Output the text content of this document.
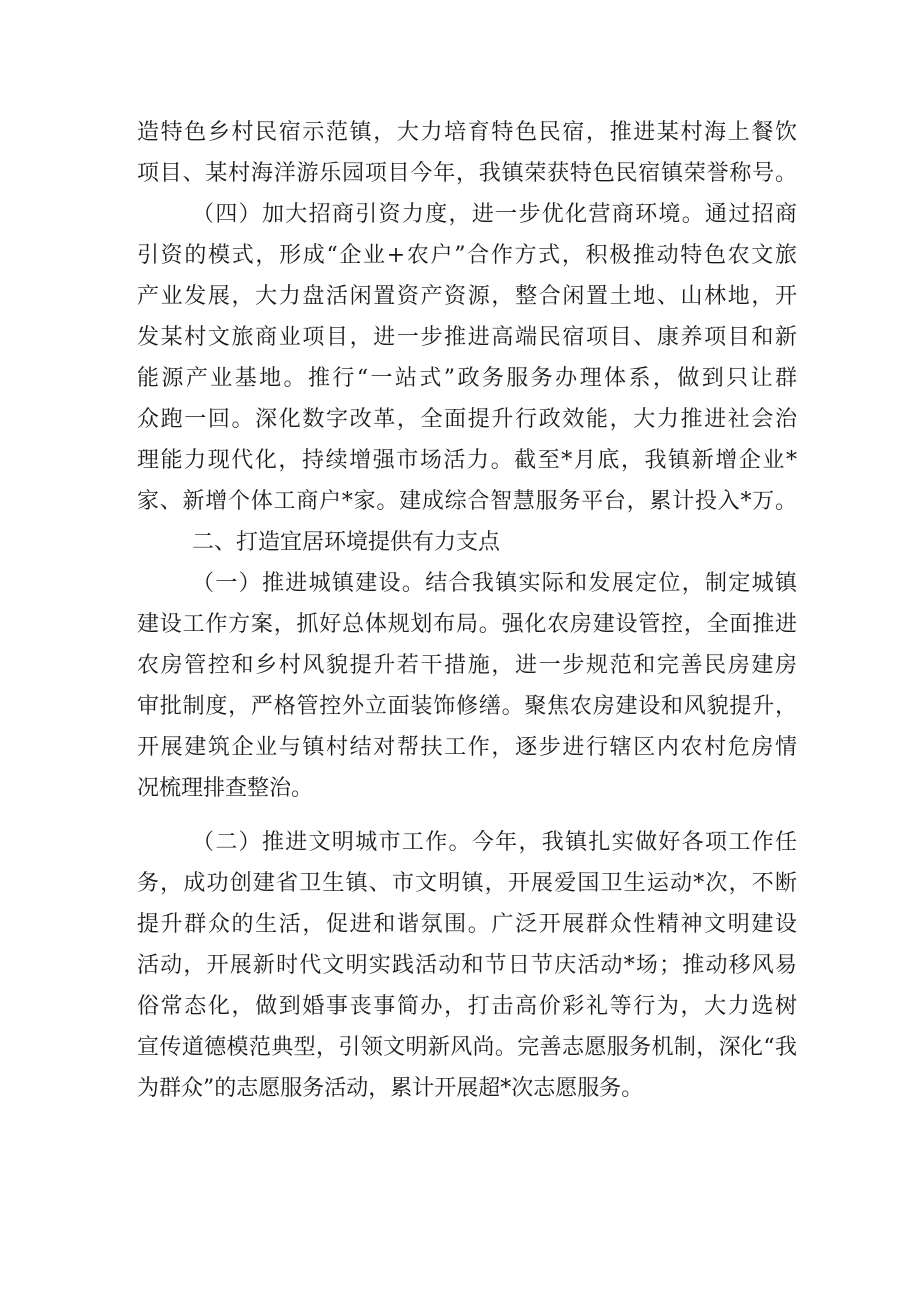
造特色乡村民宿示范镇，大力培育特色民宿，推进某村海上餐饮
项目、某村海洋游乐园项目今年，我镇荣获特色民宿镇荣誉称号。
（四）加大招商引资力度，进一步优化营商环境。通过招商
引资的模式，形成“企业+农户”合作方式，积极推动特色农文旅
产业发展，大力盘活闲置资产资源，整合闲置土地、山林地，开
发某村文旅商业项目，进一步推进高端民宿项目、康养项目和新
能源产业基地。推行“一站式”政务服务办理体系，做到只让群
众跑一回。深化数字改革，全面提升行政效能，大力推进社会治
理能力现代化，持续增强市场活力。截至*月底，我镇新增企业*
家、新增个体工商户*家。建成综合智慧服务平台，累计投入*万。
二、打造宜居环境提供有力支点
（一）推进城镇建设。结合我镇实际和发展定位，制定城镇
建设工作方案，抓好总体规划布局。强化农房建设管控，全面推进
农房管控和乡村风貌提升若干措施，进一步规范和完善民房建房
审批制度，严格管控外立面装饰修缮。聚焦农房建设和风貌提升，
开展建筑企业与镇村结对帮扶工作，逐步进行辖区内农村危房情
况梳理排查整治。
（二）推进文明城市工作。今年，我镇扎实做好各项工作任
务，成功创建省卫生镇、市文明镇，开展爱国卫生运动*次，不断
提升群众的生活，促进和谐氛围。广泛开展群众性精神文明建设
活动，开展新时代文明实践活动和节日节庆活动*场；推动移风易
俗常态化，做到婚事丧事简办，打击高价彩礼等行为，大力选树
宣传道德模范典型，引领文明新风尚。完善志愿服务机制，深化“我
为群众”的志愿服务活动，累计开展超*次志愿服务。
